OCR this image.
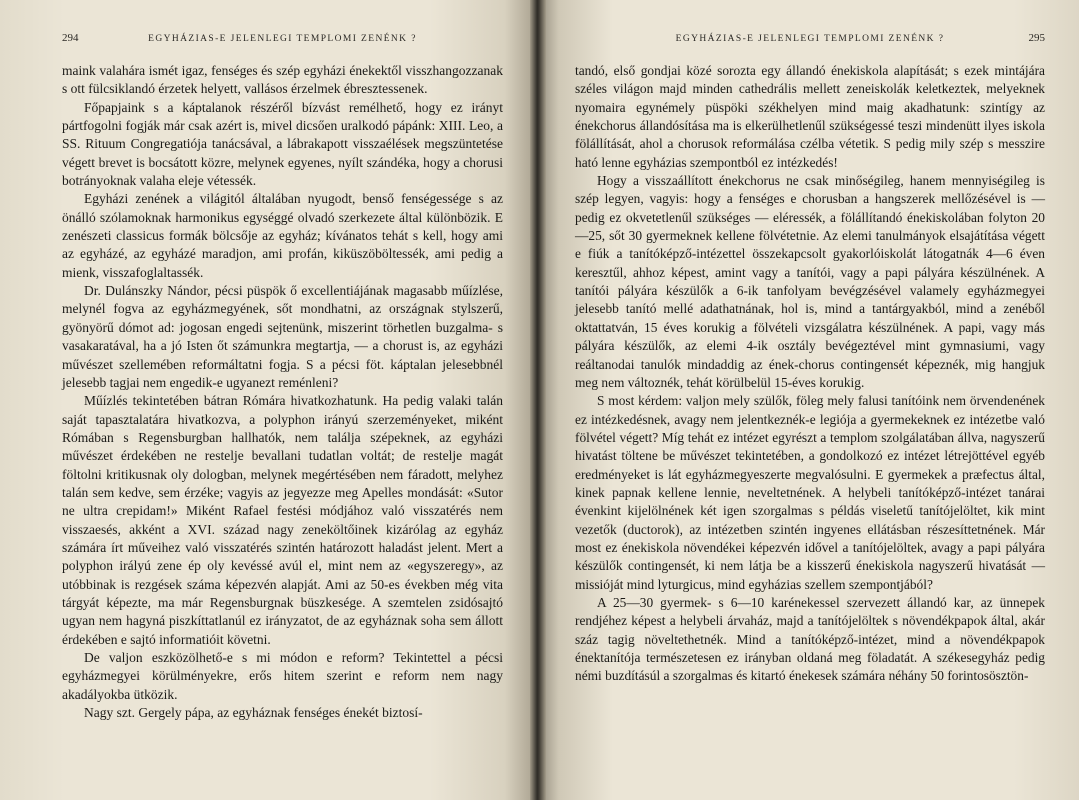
294	EGYHÁZIAS-E JELENLEGI TEMPLOMI ZENÉNK ?

maink valahára ismét igaz, fenséges és szép egyházi énekektől visszhangozzanak s ott fülcsiklandó érzetek helyett, vallásos érzelmek ébresztessenek.

Főpapjaink s a káptalanok részéről bízvást remélhető, hogy ez irányt pártfogolni fogják már csak azért is, mivel dicsően uralkodó pápánk: XIII. Leo, a SS. Rituum Congregatiója tanácsával, a lábrakapott visszaélések megszüntetése végett brevet is bocsátott közre, melynek egyenes, nyílt szándéka, hogy a chorusi botrányoknak valaha eleje vétessék.

Egyházi zenének a világitól általában nyugodt, benső fenségessége s az önálló szólamoknak harmonikus egységgé olvadó szerkezete által különbözik. E zenészeti classicus formák bölcsője az egyház; kívánatos tehát s kell, hogy ami az egyházé, az egyházé maradjon, ami profán, kiküszöböltessék, ami pedig a mienk, visszafoglaltassék.

Dr. Dulánszky Nándor, pécsi püspök ő excellentiájának magasabb műízlése, melynél fogva az egyházmegyének, sőt mondhatni, az országnak stylszerű, gyönyörű dómot ad: jogosan engedi sejtenünk, miszerint törhetlen buzgalma- s vasakaratával, ha a jó Isten őt számunkra megtartja, — a chorust is, az egyházi művészet szellemében reformáltatni fogja. S a pécsi föt. káptalan jelesebbnél jelesebb tagjai nem engedik-e ugyanezt reménleni?

Műízlés tekintetében bátran Rómára hivatkozhatunk. Ha pedig valaki talán saját tapasztalatára hivatkozva, a polyphon irányú szerzeményeket, miként Rómában s Regensburgban hallhatók, nem találja szépeknek, az egyházi művészet érdekében ne restelje bevallani tudatlan voltát; de restelje magát föltolni kritikusnak oly dologban, melynek megértésében nem fáradott, melyhez talán sem kedve, sem érzéke; vagyis az jegyezze meg Apelles mondását: «Sutor ne ultra crepidam!» Miként Rafael festési módjához való visszatérés nem visszaesés, akként a XVI. század nagy zeneköltőinek kizárólag az egyház számára írt műveihez való visszatérés szintén határozott haladást jelent. Mert a polyphon irályú zene ép oly kevéssé avúl el, mint nem az «egyszeregy», az utóbbinak is rezgések száma képezvén alapját. Ami az 50-es években még vita tárgyát képezte, ma már Regensburgnak büszkesége. A szemtelen zsidósajtó ugyan nem hagyná piszkíttatlanúl ez irányzatot, de az egyháznak soha sem állott érdekében e sajtó informatióit követni.

De valjon eszközölhető-e s mi módon e reform? Tekintettel a pécsi egyházmegyei körülményekre, erős hitem szerint e reform nem nagy akadályokba ütközik.

Nagy szt. Gergely pápa, az egyháznak fenséges énekét biztosí-

EGYHÁZIAS-E JELENLEGI TEMPLOMI ZENÉNK ?	295

tandó, első gondjai közé sorozta egy állandó énekiskola alapítását; s ezek mintájára széles világon majd minden cathedrális mellett zeneiskolák keletkeztek, melyeknek nyomaira egynémely püspöki székhelyen mind maig akadhatunk: szintígy az énekchorus állandósítása ma is elkerülhetlenűl szükségessé teszi mindenütt ilyes iskola fölállítását, ahol a chorusok reformálása czélba vétetik. S pedig mily szép s messzire ható lenne egyházias szempontból ez intézkedés!

Hogy a visszaállított énekchorus ne csak minőségileg, hanem mennyiségileg is szép legyen, vagyis: hogy a fenséges e chorusban a hangszerek mellőzésével is — pedig ez okvetetlenűl szükséges — eléressék, a fölállítandó énekiskolában folyton 20—25, sőt 30 gyermeknek kellene fölvétetnie. Az elemi tanulmányok elsajátítása végett e fiúk a tanítóképző-intézettel összekapcsolt gyakorlóiskolát látogatnák 4—6 éven keresztűl, ahhoz képest, amint vagy a tanítói, vagy a papi pályára készülnének. A tanítói pályára készülők a 6-ik tanfolyam bevégzésével valamely egyházmegyei jelesebb tanító mellé adathatnának, hol is, mind a tantárgyakból, mind a zenéből oktattatván, 15 éves korukig a fölvételi vizsgálatra készülnének. A papi, vagy más pályára készülők, az elemi 4-ik osztály bevégeztével mint gymnasiumi, vagy reáltanodai tanulók mindaddig az ének-chorus contingensét képeznék, mig hangjuk meg nem változnék, tehát körülbelül 15-éves korukig.

S most kérdem: valjon mely szülők, föleg mely falusi tanítóink nem örvendenének ez intézkedésnek, avagy nem jelentkeznék-e legiója a gyermekeknek ez intézetbe való fölvétel végett? Míg tehát ez intézet egyrészt a templom szolgálatában állva, nagyszerű hivatást töltene be művészet tekintetében, a gondolkozó ez intézet létrejöttével egyéb eredményeket is lát egyházmegyeszerte megvalósulni. E gyermekek a præfectus által, kinek papnak kellene lennie, neveltetnének. A helybeli tanítóképző-intézet tanárai évenkint kijelölnének két igen szorgalmas s példás viseletű tanítójelöltet, kik mint vezetők (ductorok), az intézetben szintén ingyenes ellátásban részesíttetnének. Már most ez énekiskola növendékei képezvén idővel a tanítójelöltek, avagy a papi pályára készülők contingensét, ki nem látja be a kisszerű énekiskola nagyszerű hivatását — missióját mind lyturgicus, mind egyházias szellem szempontjából?

A 25—30 gyermek- s 6—10 karénekessel szervezett állandó kar, az ünnepek rendjéhez képest a helybeli árvaház, majd a tanítójelöltek s növendékpapok által, akár száz tagig növeltethetnék. Mind a tanítóképző-intézet, mind a növendékpapok énektanítója természetesen ez irányban oldaná meg föladatát. A székesegyház pedig némi buzdításúl a szorgalmas és kitartó énekesek számára néhány 50 forintosösztön-
